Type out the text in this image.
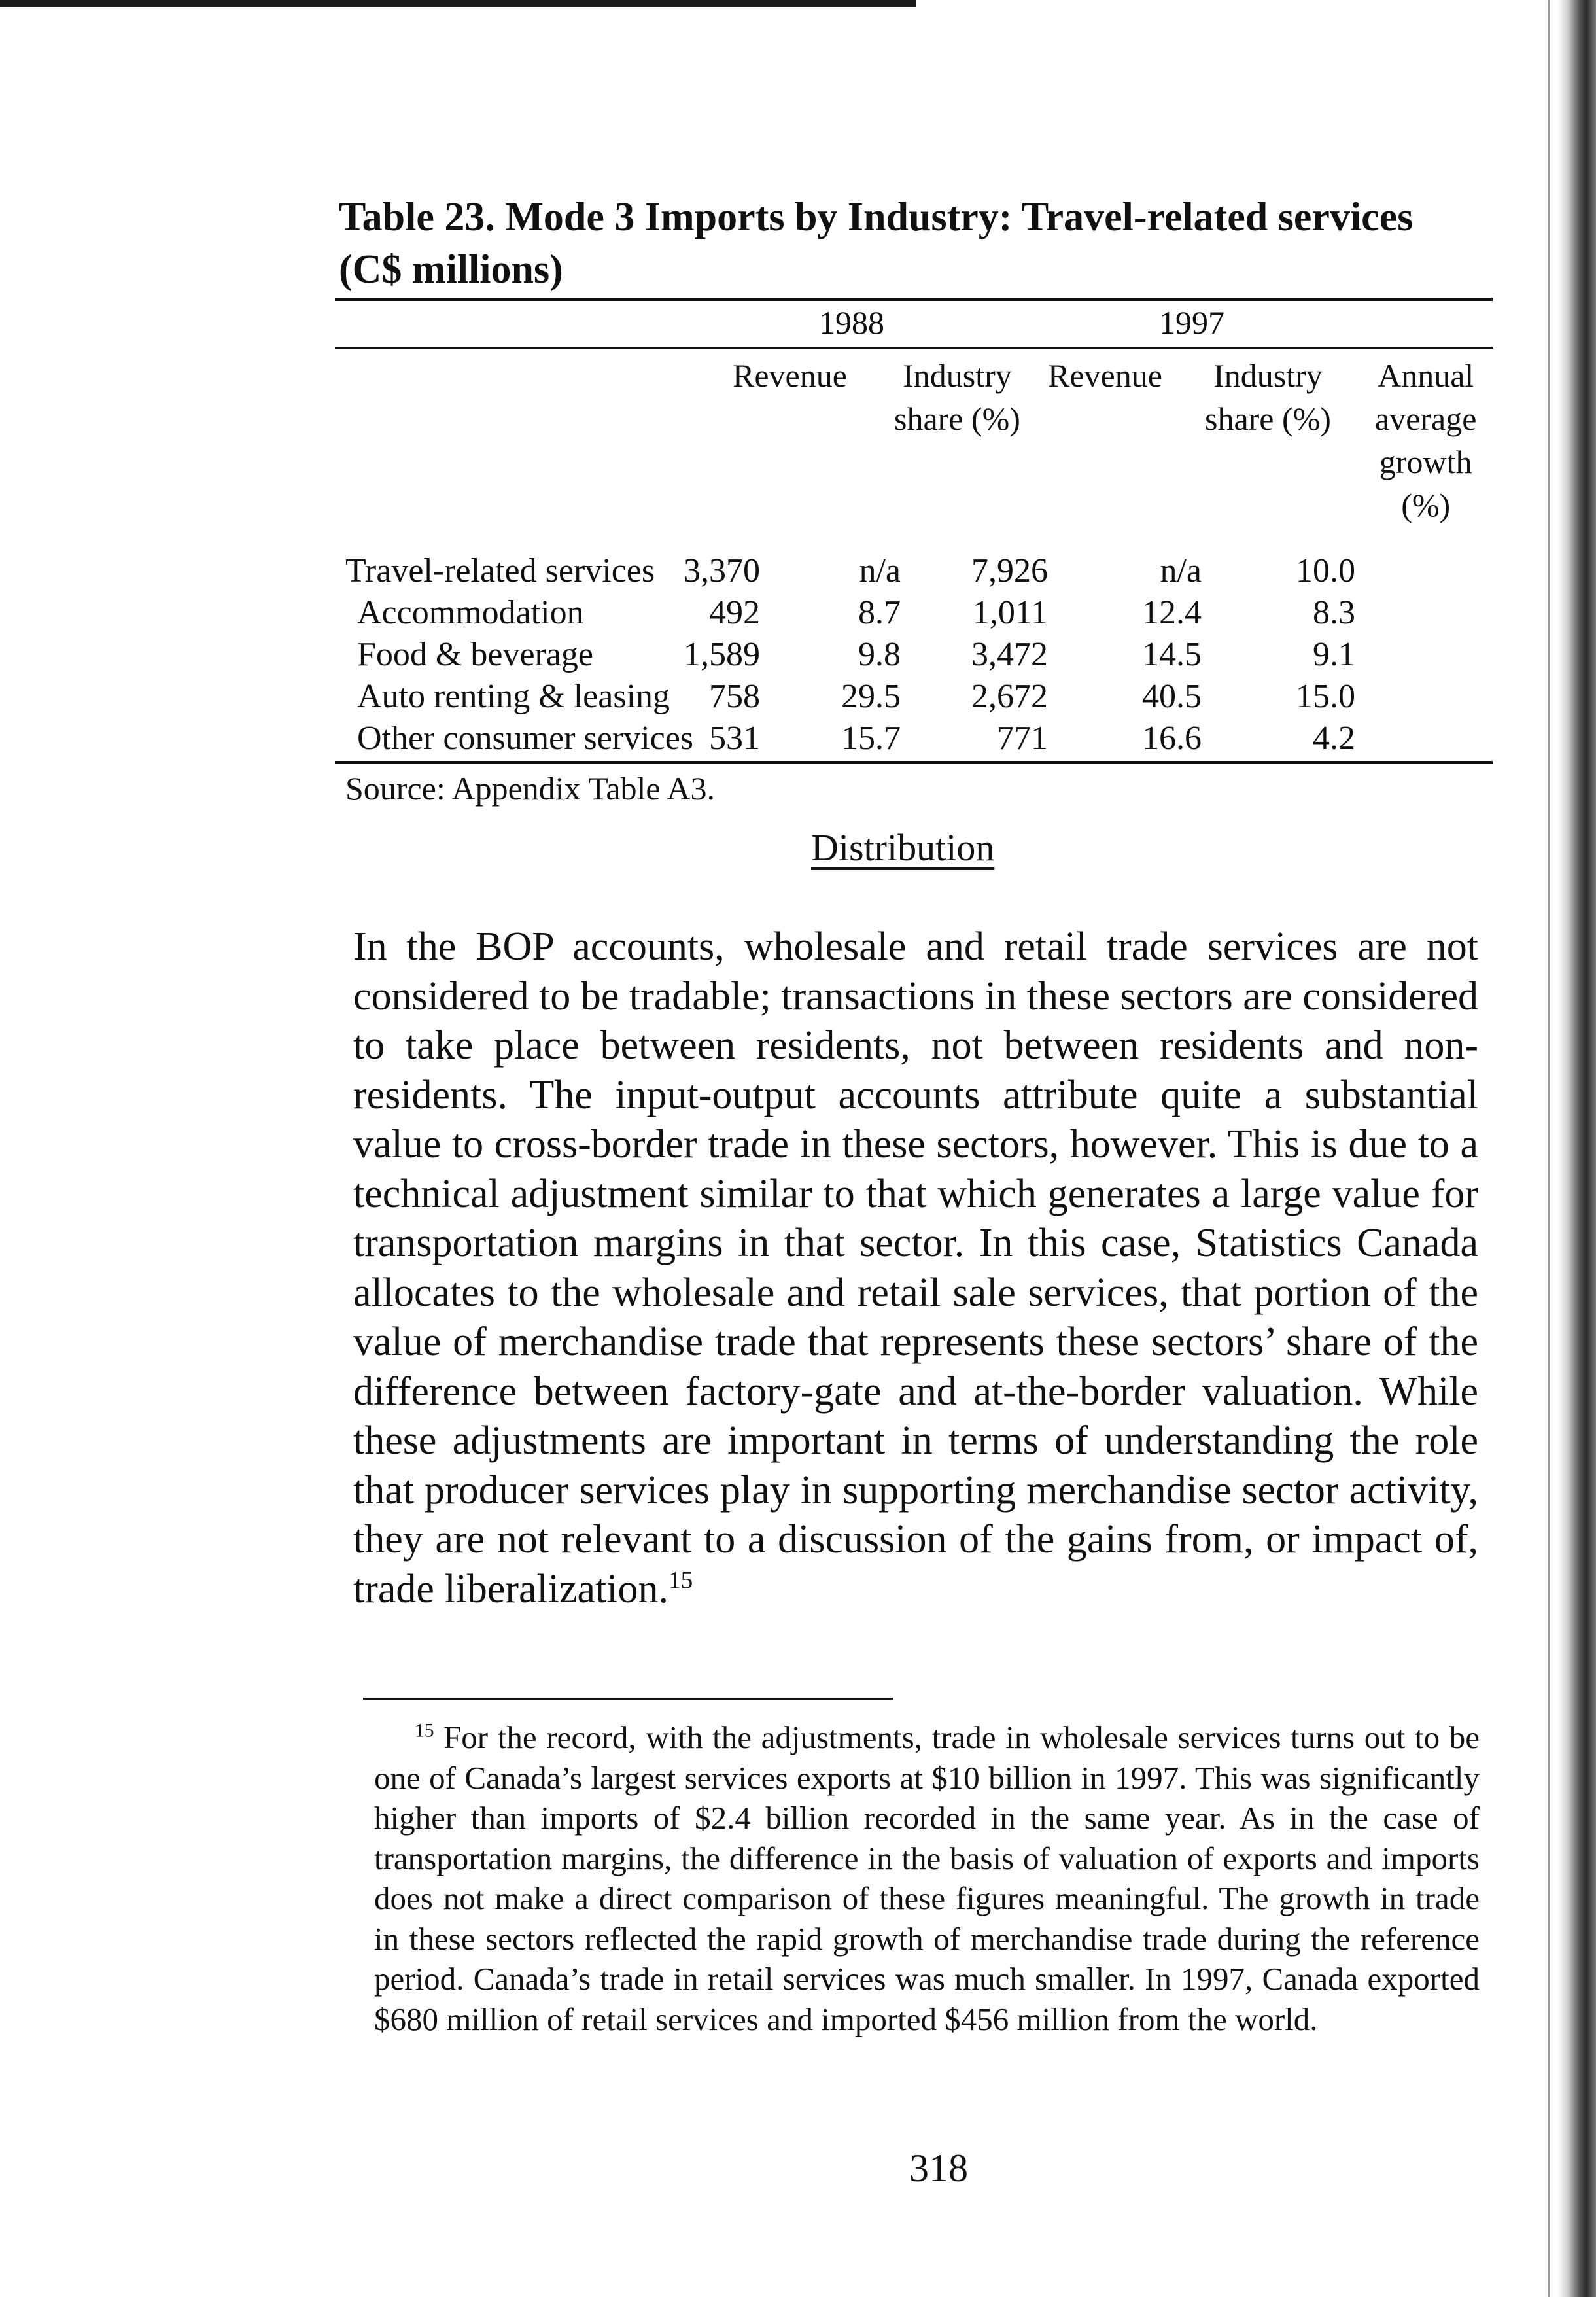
Table 23. Mode 3 Imports by Industry: Travel-related services (C$ millions)
1988	1997
Revenue Industry
share (%)
Revenue Industry
share (%)
Annual
average
growth
(%)
Travel-related services 3,370	n/a 7,926	n/a	10.0
Accommodation	492	8.7 1,011	12.4	8.3
Food & beverage	1,589	9.8 3,472	14.5	9.1
Auto renting & leasing 758 29.5 2,672	40.5	15.0
Other consumer services 531 15.7	771	16.6	4.2
Source: Appendix Table A3.
Distribution

In the BOP accounts, wholesale and retail trade services are not considered to be tradable; transactions in these sectors are considered to take place between residents, not between residents and non-residents. The input-output accounts attribute quite a substantial value to cross-border trade in these sectors, however. This is due to a technical adjustment similar to that which generates a large value for transportation margins in that sector. In this case, Statistics Canada allocates to the wholesale and retail sale services, that portion of the value of merchandise trade that represents these sectors’ share of the difference between factory-gate and at-the-border valuation. While these adjustments are important in terms of understanding the role that producer services play in supporting merchandise sector activity, they are not relevant to a discussion of the gains from, or impact of, trade liberalization.$^{15}$

$^{15}$ For the record, with the adjustments, trade in wholesale services turns out to be one of Canada’s largest services exports at $10 billion in 1997. This was significantly higher than imports of $2.4 billion recorded in the same year. As in the case of transportation margins, the difference in the basis of valuation of exports and imports does not make a direct comparison of these figures meaningful. The growth in trade in these sectors reflected the rapid growth of merchandise trade during the reference period. Canada’s trade in retail services was much smaller. In 1997, Canada exported $680 million of retail services and imported $456 million from the world.

318
